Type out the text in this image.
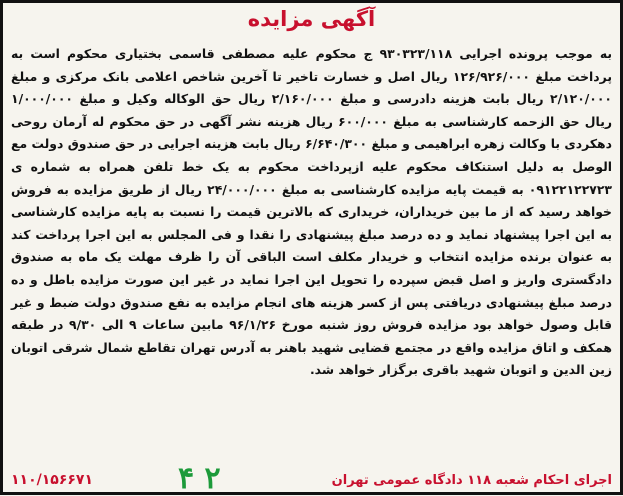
آگهی مزایده

به موجب پرونده اجرایی ۹۳۰۳۲۳/۱۱۸ ج محکوم علیه مصطفی قاسمی بختیاری محکوم است به پرداخت مبلغ ۱۲۶/۹۲۶/۰۰۰ ریال اصل و خسارت تاخیر تا آخرین شاخص اعلامی بانک مرکزی و مبلغ ۲/۱۲۰/۰۰۰ ریال بابت هزینه دادرسی و مبلغ ۲/۱۶۰/۰۰۰ ریال حق الوکاله وکیل و مبلغ ۱/۰۰۰/۰۰۰ ریال حق الزحمه کارشناسی به مبلغ ۶۰۰/۰۰۰ ریال هزینه نشر آگهی در حق محکوم له آرمان روحی دهکردی با وکالت زهره ابراهیمی و مبلغ ۶/۶۴۰/۳۰۰ ریال بابت هزینه اجرایی در حق صندوق دولت مع الوصل به دلیل استنکاف محکوم علیه ازپرداخت محکوم به یک خط تلفن همراه به شماره ی ۰۹۱۲۲۱۲۲۷۲۳ به قیمت پایه مزایده کارشناسی به مبلغ ۲۴/۰۰۰/۰۰۰ ریال از طریق مزایده به فروش خواهد رسید که از ما بین خریداران، خریداری که بالاترین قیمت را نسبت به پایه مزایده کارشناسی به این اجرا پیشنهاد نماید و ده درصد مبلغ پیشنهادی را نقدا و فی المجلس به این اجرا پرداخت کند به عنوان برنده مزایده انتخاب و خریدار مکلف است الباقی آن را ظرف مهلت یک ماه به صندوق دادگستری واریز و اصل قبض سپرده را تحویل این اجرا نماید در غیر این صورت مزایده باطل و ده درصد مبلغ پیشنهادی دریافتی پس از کسر هزینه های انجام مزایده به نفع صندوق دولت ضبط و غیر قابل وصول خواهد بود مزایده فروش روز شنبه مورخ ۹۶/۱/۲۶ مابین ساعات ۹ الی ۹/۳۰ در طبقه همکف و اتاق مزایده واقع در مجتمع قضایی شهید باهنر به آدرس تهران تقاطع شمال شرقی اتوبان زین الدین و اتوبان شهید باقری برگزار خواهد شد.

اجرای احکام شعبه ۱۱۸ دادگاه عمومی تهران
۱۱۰/۱۵۶۶۷۱	۴ ۲
